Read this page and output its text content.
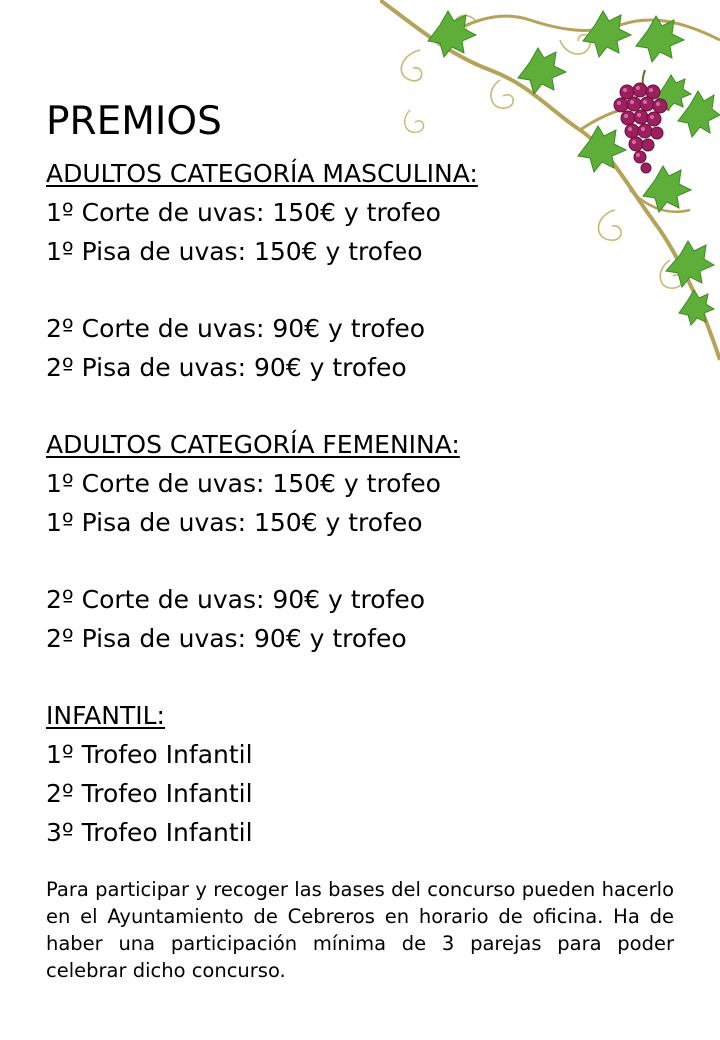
PREMIOS
ADULTOS CATEGORÍA MASCULINA:
1º Corte de uvas: 150€ y trofeo
1º Pisa de uvas: 150€ y trofeo
2º Corte de uvas: 90€ y trofeo
2º Pisa de uvas: 90€ y trofeo
ADULTOS CATEGORÍA FEMENINA:
1º Corte de uvas: 150€ y trofeo
1º Pisa de uvas: 150€ y trofeo
2º Corte de uvas: 90€ y trofeo
2º Pisa de uvas: 90€ y trofeo
INFANTIL:
1º Trofeo Infantil
2º Trofeo Infantil
3º Trofeo Infantil
Para participar y recoger las bases del concurso pueden hacerlo en el Ayuntamiento de Cebreros en horario de oficina. Ha de haber una participación mínima de 3 parejas para poder celebrar dicho concurso.
